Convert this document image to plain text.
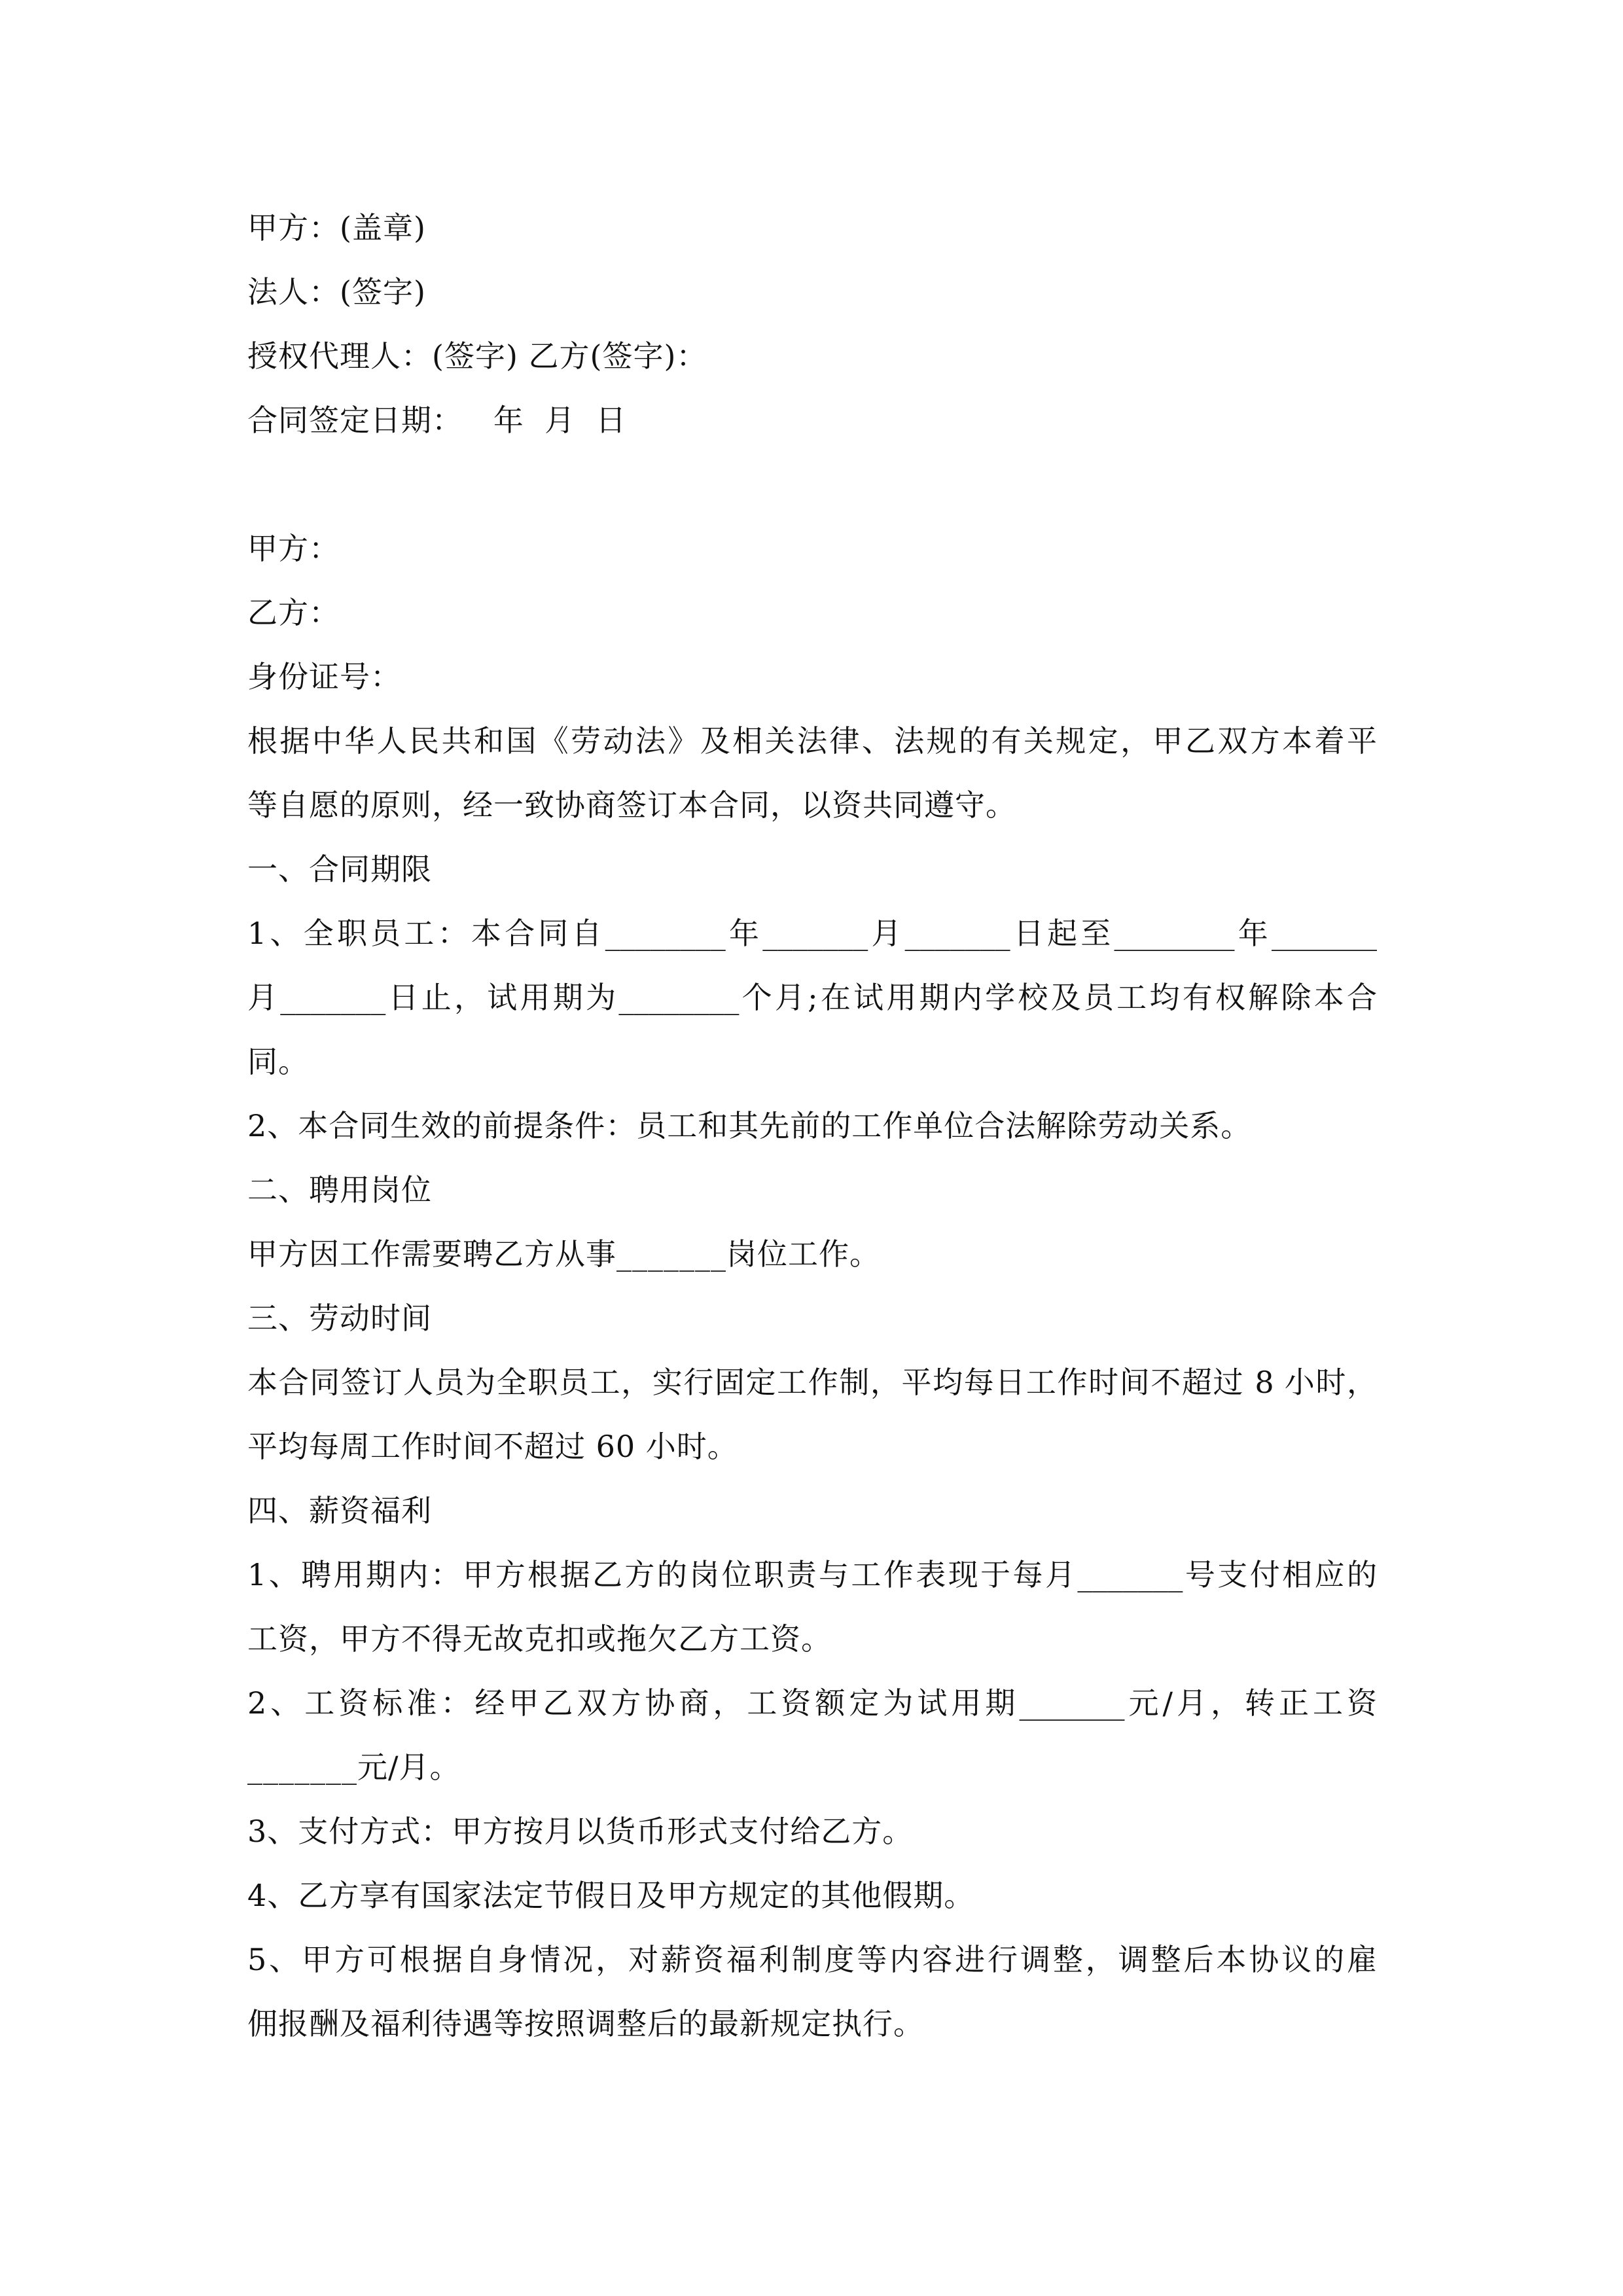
甲方：(盖章)
法人：(签字)
授权代理人：(签字) 乙方(签字)：
合同签定日期：   年  月  日
甲方：
乙方：
身份证号：
根据中华人民共和国《劳动法》及相关法律、法规的有关规定，甲乙双方本着平
等自愿的原则，经一致协商签订本合同，以资共同遵守。
一、合同期限
1、全职员工：本合同自________年_______月_______日起至________年_______
月_______日止，试用期为________个月;在试用期内学校及员工均有权解除本合
同。
2、本合同生效的前提条件：员工和其先前的工作单位合法解除劳动关系。
二、聘用岗位
甲方因工作需要聘乙方从事_______岗位工作。
三、劳动时间
本合同签订人员为全职员工，实行固定工作制，平均每日工作时间不超过 8 小时，
平均每周工作时间不超过 60 小时。
四、薪资福利
1、聘用期内：甲方根据乙方的岗位职责与工作表现于每月_______号支付相应的
工资，甲方不得无故克扣或拖欠乙方工资。
2、工资标准：经甲乙双方协商，工资额定为试用期_______元/月，转正工资
_______元/月。
3、支付方式：甲方按月以货币形式支付给乙方。
4、乙方享有国家法定节假日及甲方规定的其他假期。
5、甲方可根据自身情况，对薪资福利制度等内容进行调整，调整后本协议的雇
佣报酬及福利待遇等按照调整后的最新规定执行。
